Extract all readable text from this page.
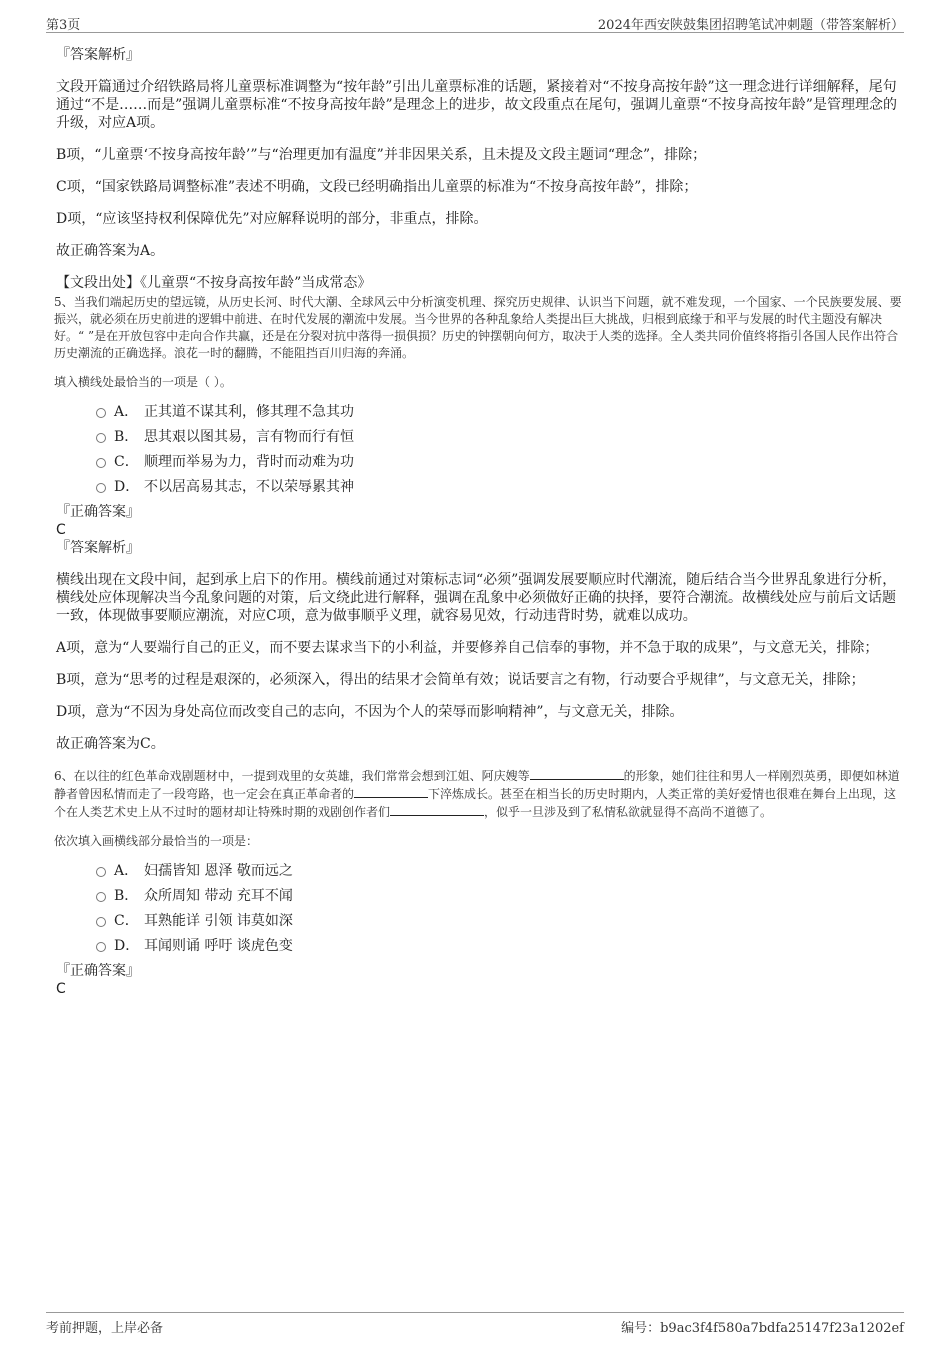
第3页	2024年西安陕鼓集团招聘笔试冲刺题（带答案解析）

『答案解析』

文段开篇通过介绍铁路局将儿童票标准调整为“按年龄”引出儿童票标准的话题，紧接着对“不按身高按年龄”这一理念进行详细解释，尾句通过“不是……而是”强调儿童票标准“不按身高按年龄”是理念上的进步，故文段重点在尾句，强调儿童票“不按身高按年龄”是管理理念的升级，对应A项。

B项，“儿童票‘不按身高按年龄’”与“治理更加有温度”并非因果关系，且未提及文段主题词“理念”，排除；

C项，“国家铁路局调整标准”表述不明确，文段已经明确指出儿童票的标准为“不按身高按年龄”，排除；

D项，“应该坚持权利保障优先”对应解释说明的部分，非重点，排除。

故正确答案为A。

【文段出处】《儿童票“不按身高按年龄”当成常态》

5、当我们端起历史的望远镜，从历史长河、时代大潮、全球风云中分析演变机理、探究历史规律、认识当下问题，就不难发现，一个国家、一个民族要发展、要振兴，就必须在历史前进的逻辑中前进、在时代发展的潮流中发展。当今世界的各种乱象给人类提出巨大挑战，归根到底缘于和平与发展的时代主题没有解决好。“ ”是在开放包容中走向合作共赢，还是在分裂对抗中落得一损俱损？历史的钟摆朝向何方，取决于人类的选择。全人类共同价值终将指引各国人民作出符合历史潮流的正确选择。浪花一时的翻腾，不能阻挡百川归海的奔涌。

填入横线处最恰当的一项是（ ）。

A． 正其道不谋其利，修其理不急其功
B． 思其艰以图其易，言有物而行有恒
C． 顺理而举易为力，背时而动难为功
D． 不以居高易其志，不以荣辱累其神

『正确答案』

C

『答案解析』

横线出现在文段中间，起到承上启下的作用。横线前通过对策标志词“必须”强调发展要顺应时代潮流，随后结合当今世界乱象进行分析，横线处应体现解决当今乱象问题的对策，后文绕此进行解释，强调在乱象中必须做好正确的抉择，要符合潮流。故横线处应与前后文话题一致，体现做事要顺应潮流，对应C项，意为做事顺乎义理，就容易见效，行动违背时势，就难以成功。

A项，意为“人要端行自己的正义，而不要去谋求当下的小利益，并要修养自己信奉的事物，并不急于取的成果”，与文意无关，排除；

B项，意为“思考的过程是艰深的，必须深入，得出的结果才会简单有效；说话要言之有物，行动要合乎规律”，与文意无关，排除；

D项，意为“不因为身处高位而改变自己的志向，不因为个人的荣辱而影响精神”，与文意无关，排除。

故正确答案为C。

6、在以往的红色革命戏剧题材中，一提到戏里的女英雄，我们常常会想到江姐、阿庆嫂等	的形象，她们往往和男人一样刚烈英勇，即便如林道静者曾因私情而走了一段弯路，也一定会在真正革命者的	下淬炼成长。甚至在相当长的历史时期内，人类正常的美好爱情也很难在舞台上出现，这个在人类艺术史上从不过时的题材却让特殊时期的戏剧创作者们	，似乎一旦涉及到了私情私欲就显得不高尚不道德了。

依次填入画横线部分最恰当的一项是：

A． 妇孺皆知 恩泽 敬而远之
B． 众所周知 带动 充耳不闻
C． 耳熟能详 引领 讳莫如深
D． 耳闻则诵 呼吁 谈虎色变

『正确答案』

C

考前押题，上岸必备	编号：b9ac3f4f580a7bdfa25147f23a1202ef
